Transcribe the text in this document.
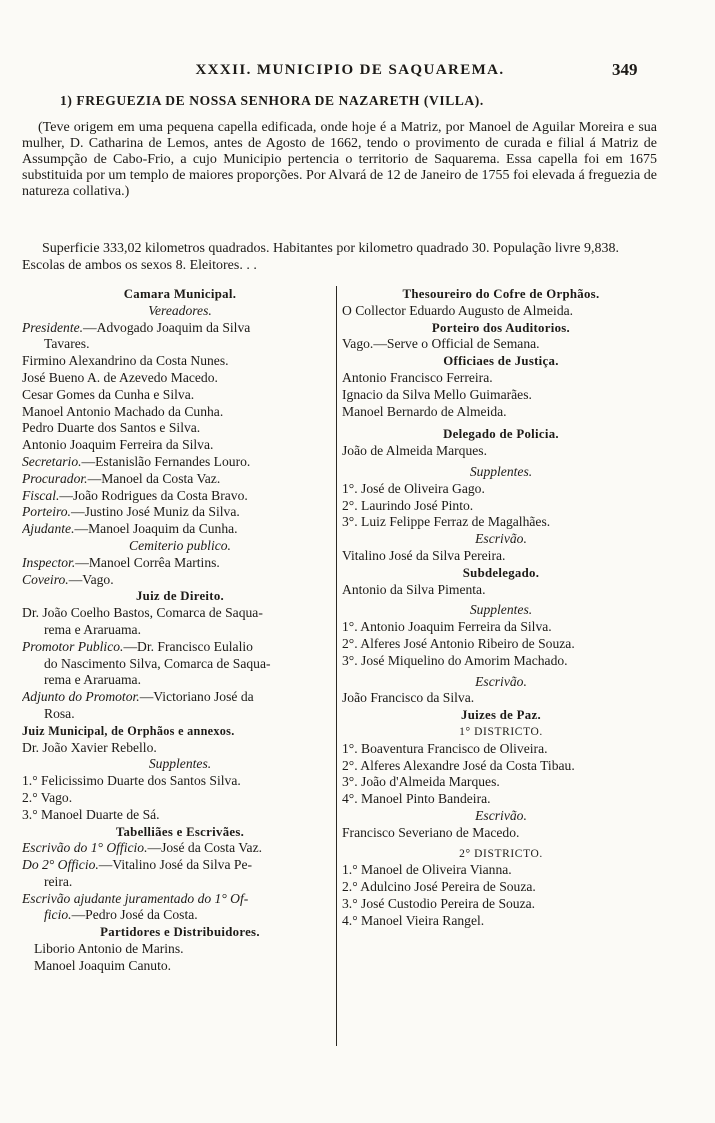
XXXII. MUNICIPIO DE SAQUAREMA.	349
1) FREGUEZIA DE NOSSA SENHORA DE NAZARETH (VILLA).
(Teve origem em uma pequena capella edificada, onde hoje é a Matriz, por Manoel de Aguilar Moreira e sua mulher, D. Catharina de Lemos, antes de Agosto de 1662, tendo o provimento de curada e filial á Matriz de Assumpção de Cabo-Frio, a cujo Municipio pertencia o territorio de Saquarema. Essa capella foi em 1675 substituida por um templo de maiores proporções. Por Alvará de 12 de Janeiro de 1755 foi elevada á freguezia de natureza collativa.)
Superficie 333,02 kilometros quadrados. Habitantes por kilometro quadrado 30. População livre 9,838. Escolas de ambos os sexos 8. Eleitores. . .
Camara Municipal.
Vereadores.
Presidente.—Advogado Joaquim da Silva
Tavares.
Firmino Alexandrino da Costa Nunes.
José Bueno A. de Azevedo Macedo.
Cesar Gomes da Cunha e Silva.
Manoel Antonio Machado da Cunha.
Pedro Duarte dos Santos e Silva.
Antonio Joaquim Ferreira da Silva.
Secretario.—Estanislão Fernandes Louro.
Procurador.—Manoel da Costa Vaz.
Fiscal.—João Rodrigues da Costa Bravo.
Porteiro.—Justino José Muniz da Silva.
Ajudante.—Manoel Joaquim da Cunha.
Cemiterio publico.
Inspector.—Manoel Corrêa Martins.
Coveiro.—Vago.
Juiz de Direito.
Dr. João Coelho Bastos, Comarca de Saqua-
rema e Araruama.
Promotor Publico.—Dr. Francisco Eulalio
do Nascimento Silva, Comarca de Saqua-
rema e Araruama.
Adjunto do Promotor.—Victoriano José da
Rosa.
Juiz Municipal, de Orphãos e annexos.
Dr. João Xavier Rebello.
Supplentes.
1.° Felicissimo Duarte dos Santos Silva.
2.° Vago.
3.° Manoel Duarte de Sá.
Tabelliães e Escrivães.
Escrivão do 1° Officio.—José da Costa Vaz.
Do 2° Officio.—Vitalino José da Silva Pe-
reira.
Escrivão ajudante juramentado do 1° Of-
ficio.—Pedro José da Costa.
Partidores e Distribuidores.
Liborio Antonio de Marins.
Manoel Joaquim Canuto.
Thesoureiro do Cofre de Orphãos.
O Collector Eduardo Augusto de Almeida.
Porteiro dos Auditorios.
Vago.—Serve o Official de Semana.
Officiaes de Justiça.
Antonio Francisco Ferreira.
Ignacio da Silva Mello Guimarães.
Manoel Bernardo de Almeida.
Delegado de Policia.
João de Almeida Marques.
Supplentes.
1°. José de Oliveira Gago.
2°. Laurindo José Pinto.
3°. Luiz Felippe Ferraz de Magalhães.
Escrivão.
Vitalino José da Silva Pereira.
Subdelegado.
Antonio da Silva Pimenta.
Supplentes.
1°. Antonio Joaquim Ferreira da Silva.
2°. Alferes José Antonio Ribeiro de Souza.
3°. José Miquelino do Amorim Machado.
Escrivão.
João Francisco da Silva.
Juizes de Paz.
1° DISTRICTO.
1°. Boaventura Francisco de Oliveira.
2°. Alferes Alexandre José da Costa Tibau.
3°. João d'Almeida Marques.
4°. Manoel Pinto Bandeira.
Escrivão.
Francisco Severiano de Macedo.
2° DISTRICTO.
1.° Manoel de Oliveira Vianna.
2.° Adulcino José Pereira de Souza.
3.° José Custodio Pereira de Souza.
4.° Manoel Vieira Rangel.
